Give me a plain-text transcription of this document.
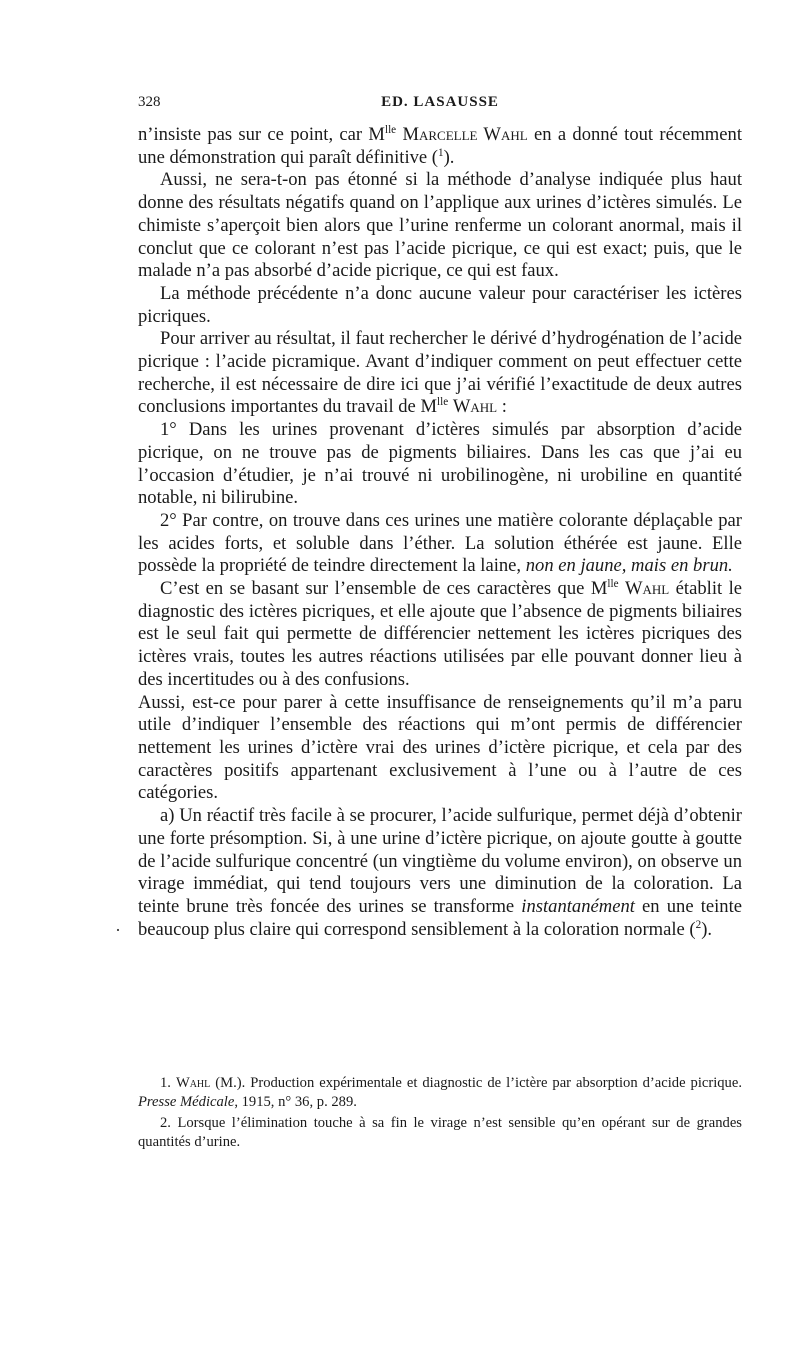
328	ED. LASAUSSE

n’insiste pas sur ce point, car $M^{lle}$ Marcelle Wahl en a donné tout récemment une démonstration qui paraît définitive ($^1$).

Aussi, ne sera-t-on pas étonné si la méthode d’analyse indiquée plus haut donne des résultats négatifs quand on l’applique aux urines d’ictères simulés. Le chimiste s’aperçoit bien alors que l’urine renferme un colorant anormal, mais il conclut que ce colorant n’est pas l’acide picrique, ce qui est exact; puis, que le malade n’a pas absorbé d’acide picrique, ce qui est faux.

La méthode précédente n’a donc aucune valeur pour caractériser les ictères picriques.

Pour arriver au résultat, il faut rechercher le dérivé d’hydrogénation de l’acide picrique : l’acide picramique. Avant d’indiquer comment on peut effectuer cette recherche, il est nécessaire de dire ici que j’ai vérifié l’exactitude de deux autres conclusions importantes du travail de $M^{lle}$ Wahl :

1° Dans les urines provenant d’ictères simulés par absorption d’acide picrique, on ne trouve pas de pigments biliaires. Dans les cas que j’ai eu l’occasion d’étudier, je n’ai trouvé ni urobilinogène, ni urobiline en quantité notable, ni bilirubine.

2° Par contre, on trouve dans ces urines une matière colorante déplaçable par les acides forts, et soluble dans l’éther. La solution éthérée est jaune. Elle possède la propriété de teindre directement la laine, non en jaune, mais en brun.

C’est en se basant sur l’ensemble de ces caractères que $M^{lle}$ Wahl établit le diagnostic des ictères picriques, et elle ajoute que l’absence de pigments biliaires est le seul fait qui permette de différencier nettement les ictères picriques des ictères vrais, toutes les autres réactions utilisées par elle pouvant donner lieu à des incertitudes ou à des confusions.

Aussi, est-ce pour parer à cette insuffisance de renseignements qu’il m’a paru utile d’indiquer l’ensemble des réactions qui m’ont permis de différencier nettement les urines d’ictère vrai des urines d’ictère picrique, et cela par des caractères positifs appartenant exclusivement à l’une ou à l’autre de ces catégories.

a) Un réactif très facile à se procurer, l’acide sulfurique, permet déjà d’obtenir une forte présomption. Si, à une urine d’ictère picrique, on ajoute goutte à goutte de l’acide sulfurique concentré (un vingtième du volume environ), on observe un virage immédiat, qui tend toujours vers une diminution de la coloration. La teinte brune très foncée des urines se transforme instantanément en une teinte beaucoup plus claire qui correspond sensiblement à la coloration normale ($^2$).

·

1. Wahl (M.). Production expérimentale et diagnostic de l’ictère par absorption d’acide picrique. Presse Médicale, 1915, n° 36, p. 289.

2. Lorsque l’élimination touche à sa fin le virage n’est sensible qu’en opérant sur de grandes quantités d’urine.
